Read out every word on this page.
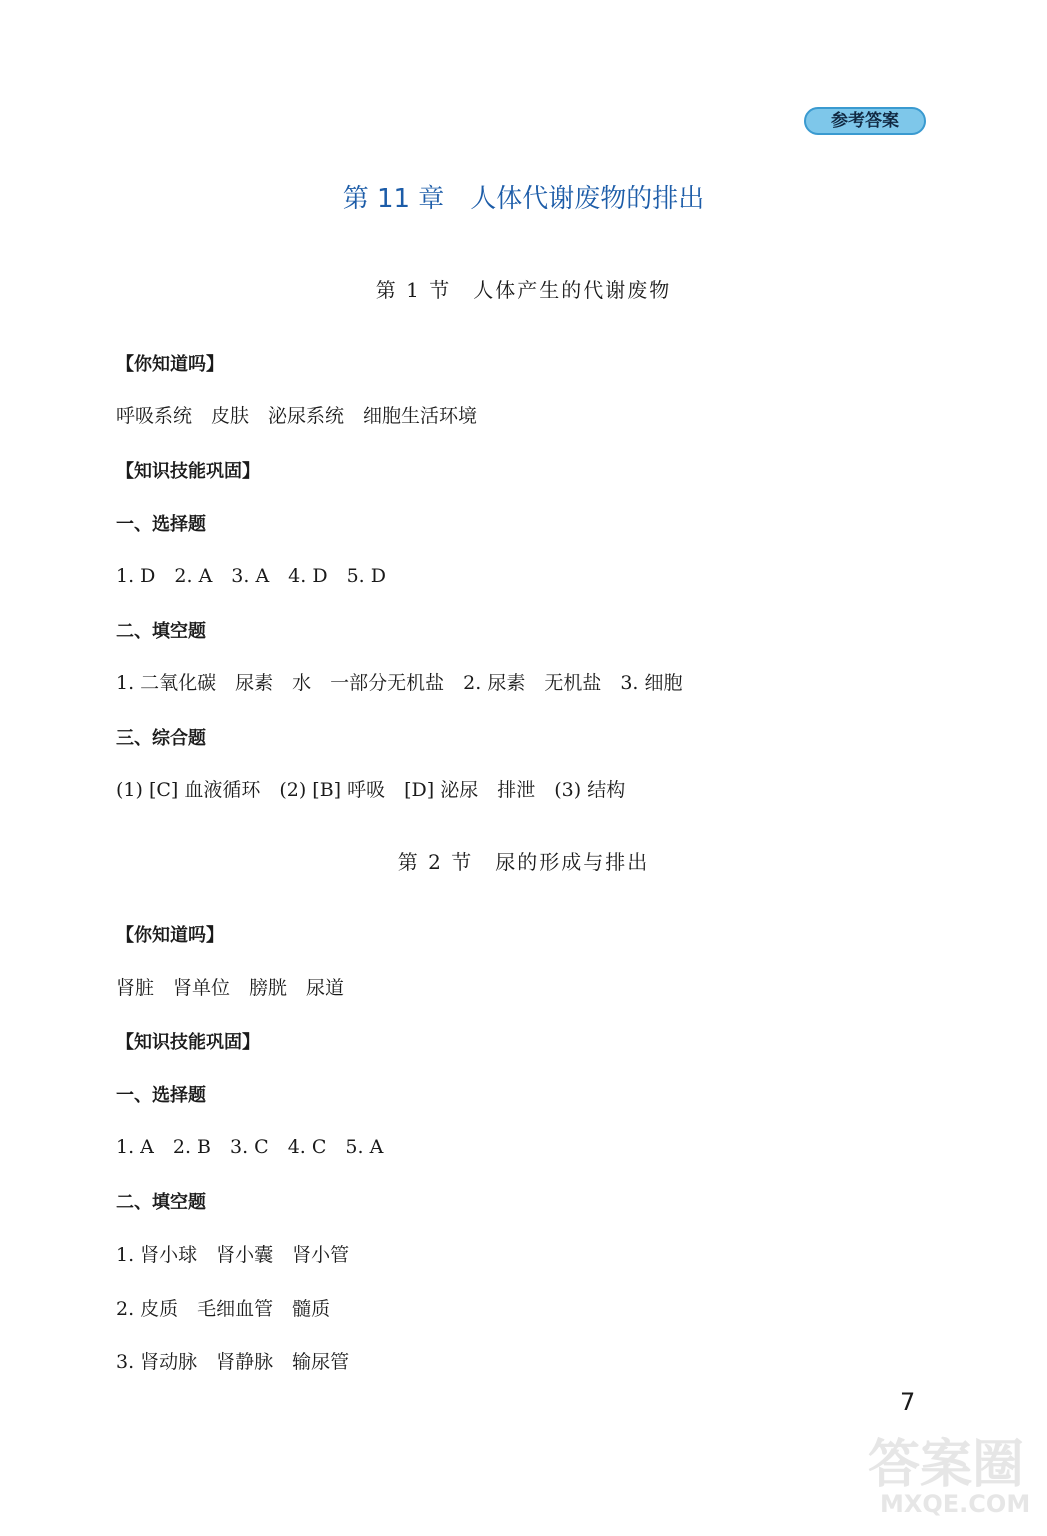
参考答案
第 11 章　人体代谢废物的排出
第 1 节　人体产生的代谢废物
【你知道吗】
呼吸系统　皮肤　泌尿系统　细胞生活环境
【知识技能巩固】
一、选择题
1. D　2. A　3. A　4. D　5. D
二、填空题
1. 二氧化碳　尿素　水　一部分无机盐　2. 尿素　无机盐　3. 细胞
三、综合题
(1) [C] 血液循环　(2) [B] 呼吸　[D] 泌尿　排泄　(3) 结构
第 2 节　尿的形成与排出
【你知道吗】
肾脏　肾单位　膀胱　尿道
【知识技能巩固】
一、选择题
1. A　2. B　3. C　4. C　5. A
二、填空题
1. 肾小球　肾小囊　肾小管
2. 皮质　毛细血管　髓质
3. 肾动脉　肾静脉　输尿管
7
答案圈
MXQE.COM
